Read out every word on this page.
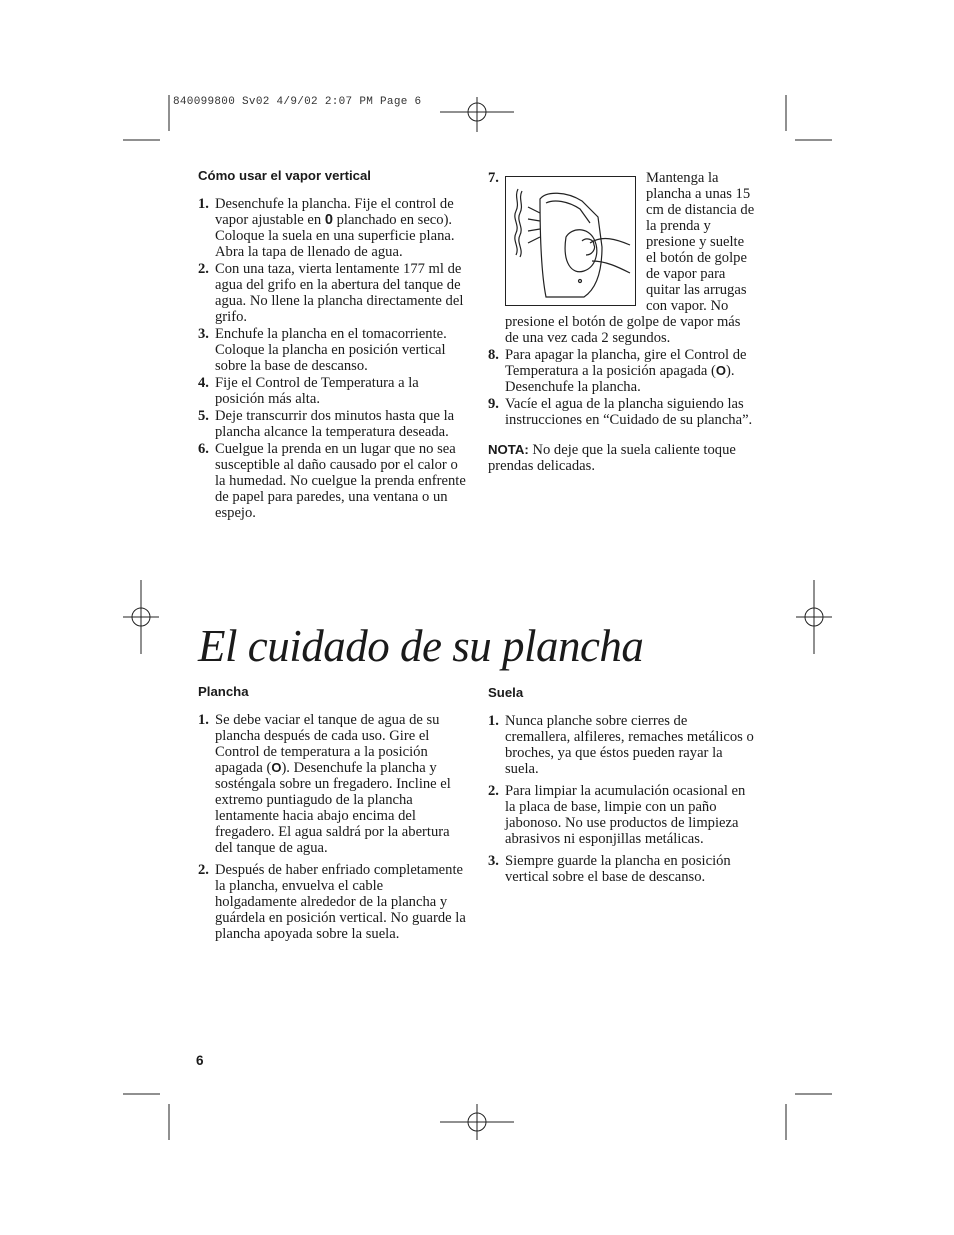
840099800 Sv02 4/9/02 2:07 PM Page 6
Cómo usar el vapor vertical
1. Desenchufe la plancha. Fije el control de vapor ajustable en 0 planchado en seco). Coloque la suela en una superficie plana. Abra la tapa de llenado de agua.
2. Con una taza, vierta lentamente 177 ml de agua del grifo en la abertura del tanque de agua. No llene la plancha directamente del grifo.
3. Enchufe la plancha en el tomacorriente. Coloque la plancha en posición vertical sobre la base de descanso.
4. Fije el Control de Temperatura a la posición más alta.
5. Deje transcurrir dos minutos hasta que la plancha alcance la temperatura deseada.
6. Cuelgue la prenda en un lugar que no sea susceptible al daño causado por el calor o la humedad. No cuelgue la prenda enfrente de papel para paredes, una ventana o un espejo.
7.	Mantenga la plancha a unas 15 cm de distancia de la prenda y presione y suelte el botón de golpe de vapor para quitar las arrugas con vapor. No presione el botón de golpe de vapor más de una vez cada 2 segundos.
8. Para apagar la plancha, gire el Control de Temperatura a la posición apagada (O). Desenchufe la plancha.
9. Vacíe el agua de la plancha siguiendo las instrucciones en “Cuidado de su plancha”.
NOTA: No deje que la suela caliente toque prendas delicadas.
El cuidado de su plancha
Plancha
1. Se debe vaciar el tanque de agua de su plancha después de cada uso. Gire el Control de temperatura a la posición apagada (O). Desenchufe la plancha y sosténgala sobre un fregadero. Incline el extremo puntiagudo de la plancha lentamente hacia abajo encima del fregadero. El agua saldrá por la abertura del tanque de agua.
2. Después de haber enfriado completamente la plancha, envuelva el cable holgadamente alrededor de la plancha y guárdela en posición vertical. No guarde la plancha apoyada sobre la suela.
Suela
1. Nunca planche sobre cierres de cremallera, alfileres, remaches metálicos o broches, ya que éstos pueden rayar la suela.
2. Para limpiar la acumulación ocasional en la placa de base, limpie con un paño jabonoso. No use productos de limpieza abrasivos ni esponjillas metálicas.
3. Siempre guarde la plancha en posición vertical sobre el base de descanso.
6
